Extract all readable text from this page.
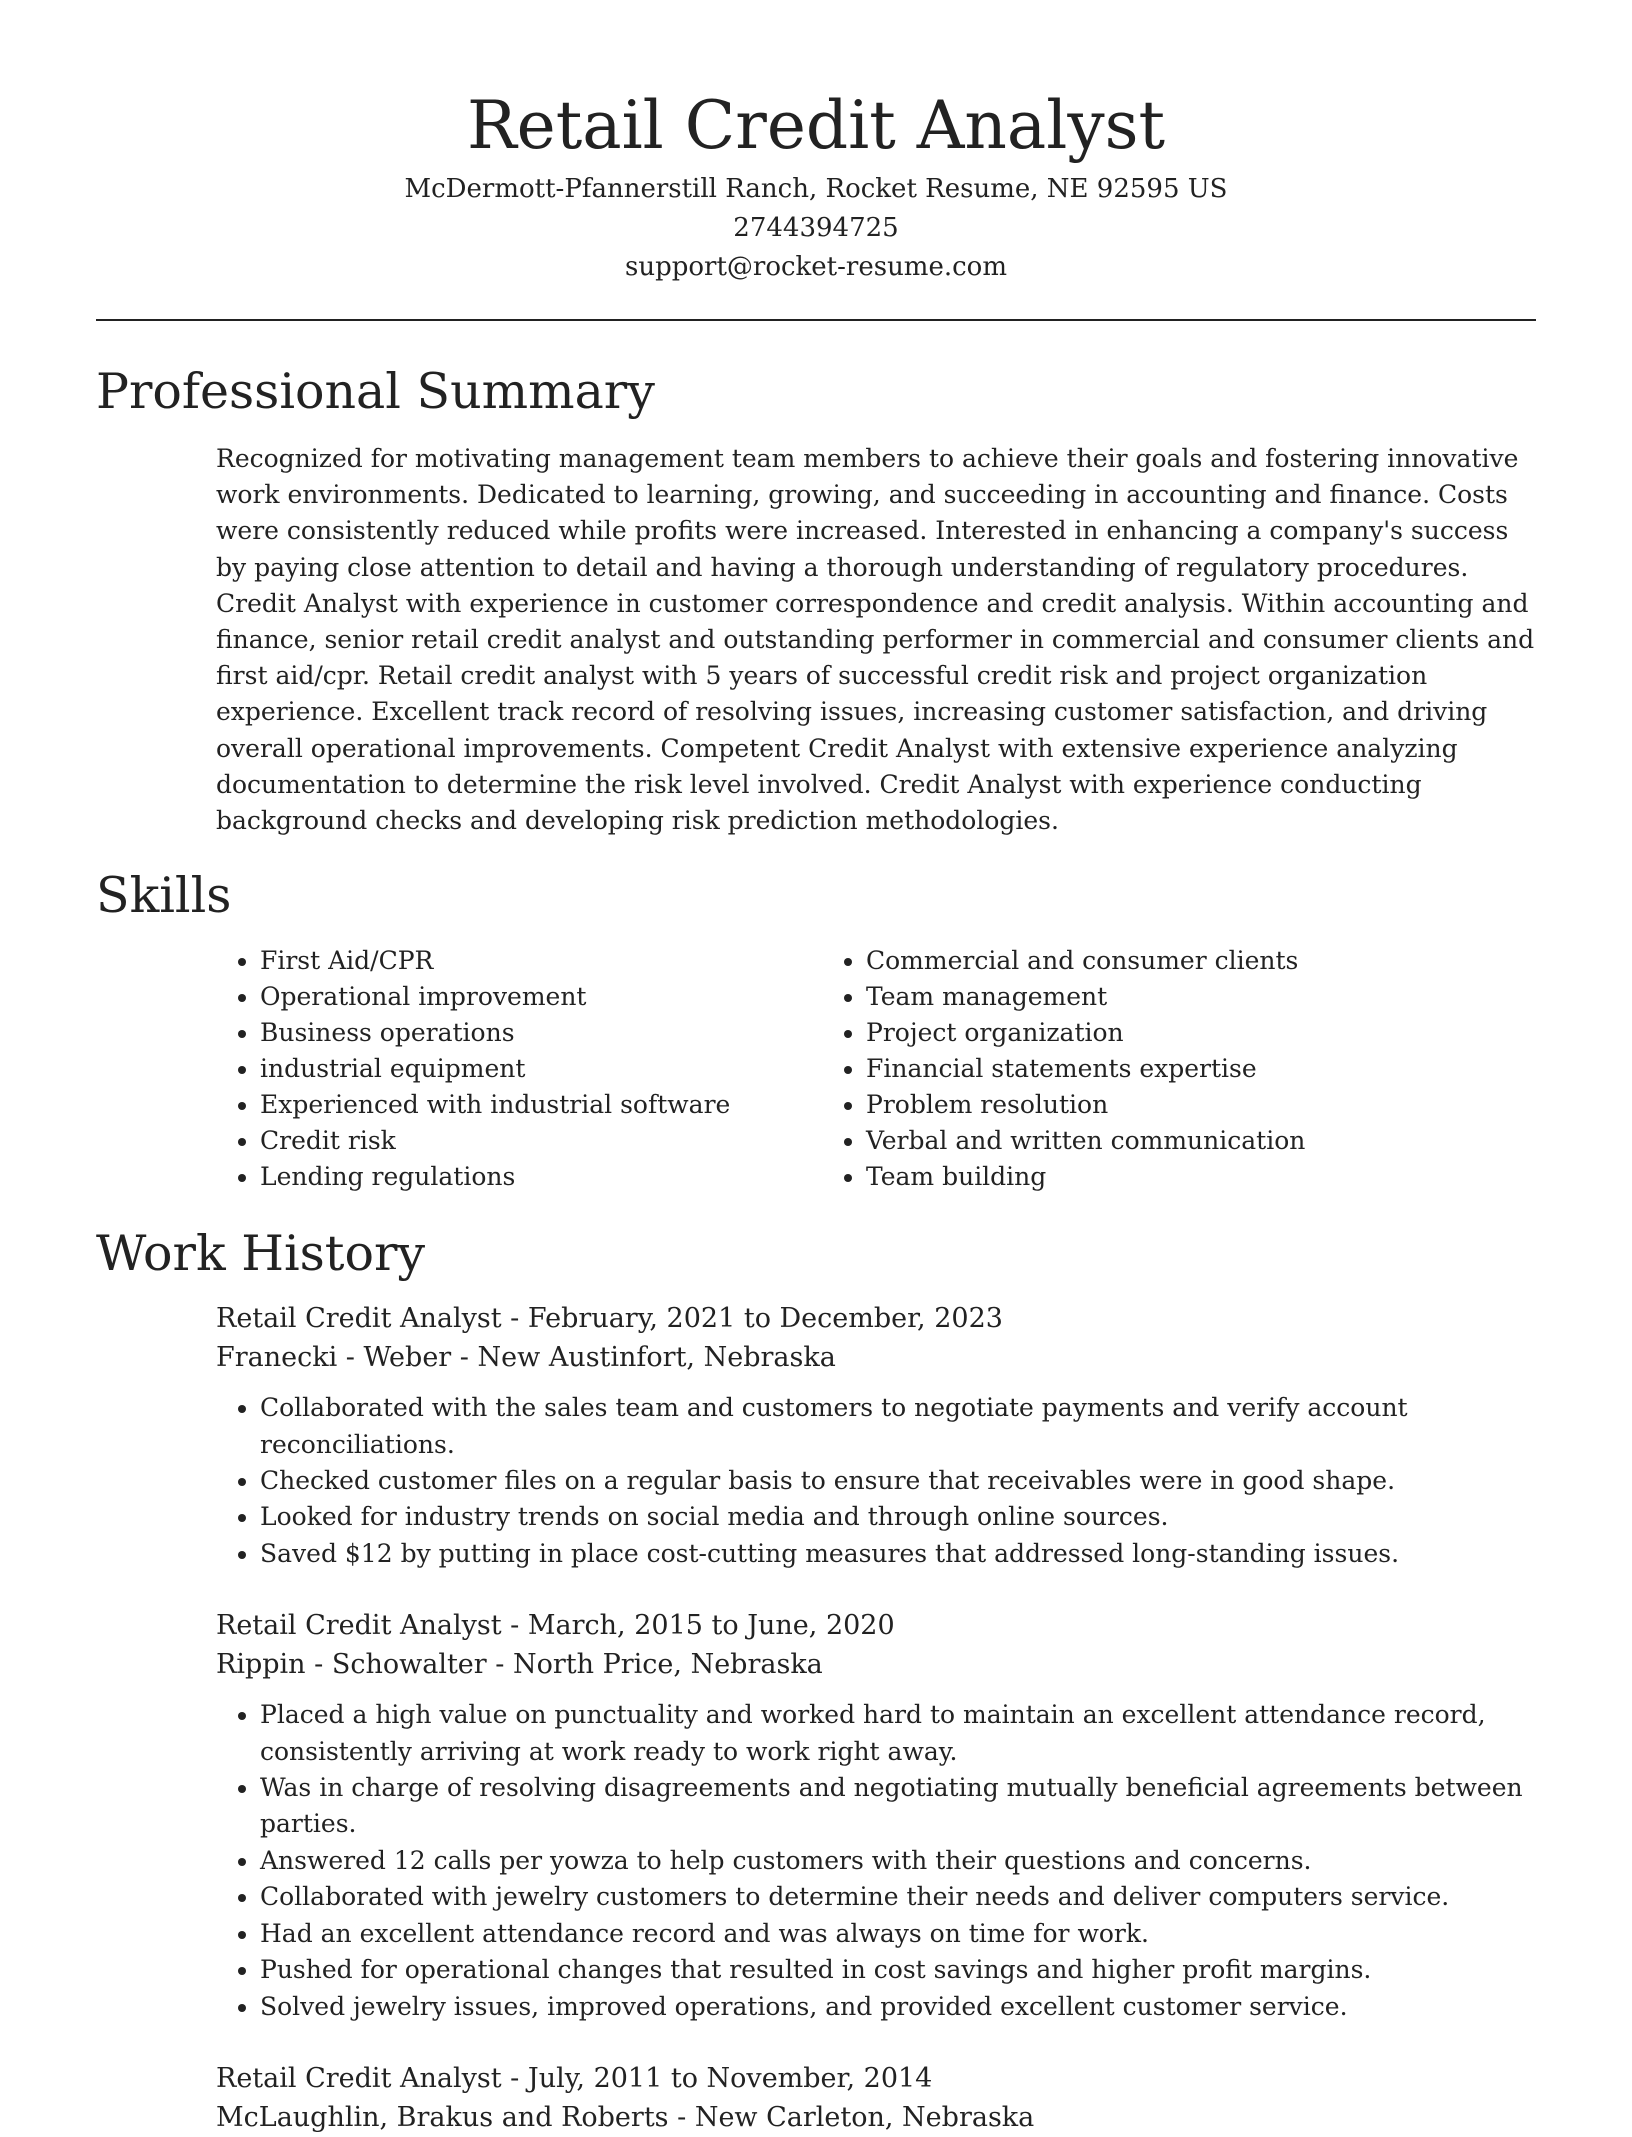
Retail Credit Analyst
McDermott-Pfannerstill Ranch, Rocket Resume, NE 92595 US
2744394725
support@rocket-resume.com
Professional Summary

Recognized for motivating management team members to achieve their goals and fostering innovative work environments. Dedicated to learning, growing, and succeeding in accounting and finance. Costs were consistently reduced while profits were increased. Interested in enhancing a company's success by paying close attention to detail and having a thorough understanding of regulatory procedures. Credit Analyst with experience in customer correspondence and credit analysis. Within accounting and finance, senior retail credit analyst and outstanding performer in commercial and consumer clients and first aid/cpr. Retail credit analyst with 5 years of successful credit risk and project organization experience. Excellent track record of resolving issues, increasing customer satisfaction, and driving overall operational improvements. Competent Credit Analyst with extensive experience analyzing documentation to determine the risk level involved. Credit Analyst with experience conducting background checks and developing risk prediction methodologies.

Skills
• First Aid/CPR
• Operational improvement
• Business operations
• industrial equipment
• Experienced with industrial software
• Credit risk
• Lending regulations
• Commercial and consumer clients
• Team management
• Project organization
• Financial statements expertise
• Problem resolution
• Verbal and written communication
• Team building
Work History
Retail Credit Analyst - February, 2021 to December, 2023
Franecki - Weber - New Austinfort, Nebraska
• Collaborated with the sales team and customers to negotiate payments and verify account reconciliations.
• Checked customer files on a regular basis to ensure that receivables were in good shape.
• Looked for industry trends on social media and through online sources.
• Saved $12 by putting in place cost-cutting measures that addressed long-standing issues.
Retail Credit Analyst - March, 2015 to June, 2020
Rippin - Schowalter - North Price, Nebraska
• Placed a high value on punctuality and worked hard to maintain an excellent attendance record, consistently arriving at work ready to work right away.
• Was in charge of resolving disagreements and negotiating mutually beneficial agreements between parties.
• Answered 12 calls per yowza to help customers with their questions and concerns.
• Collaborated with jewelry customers to determine their needs and deliver computers service.
• Had an excellent attendance record and was always on time for work.
• Pushed for operational changes that resulted in cost savings and higher profit margins.
• Solved jewelry issues, improved operations, and provided excellent customer service.
Retail Credit Analyst - July, 2011 to November, 2014
McLaughlin, Brakus and Roberts - New Carleton, Nebraska
